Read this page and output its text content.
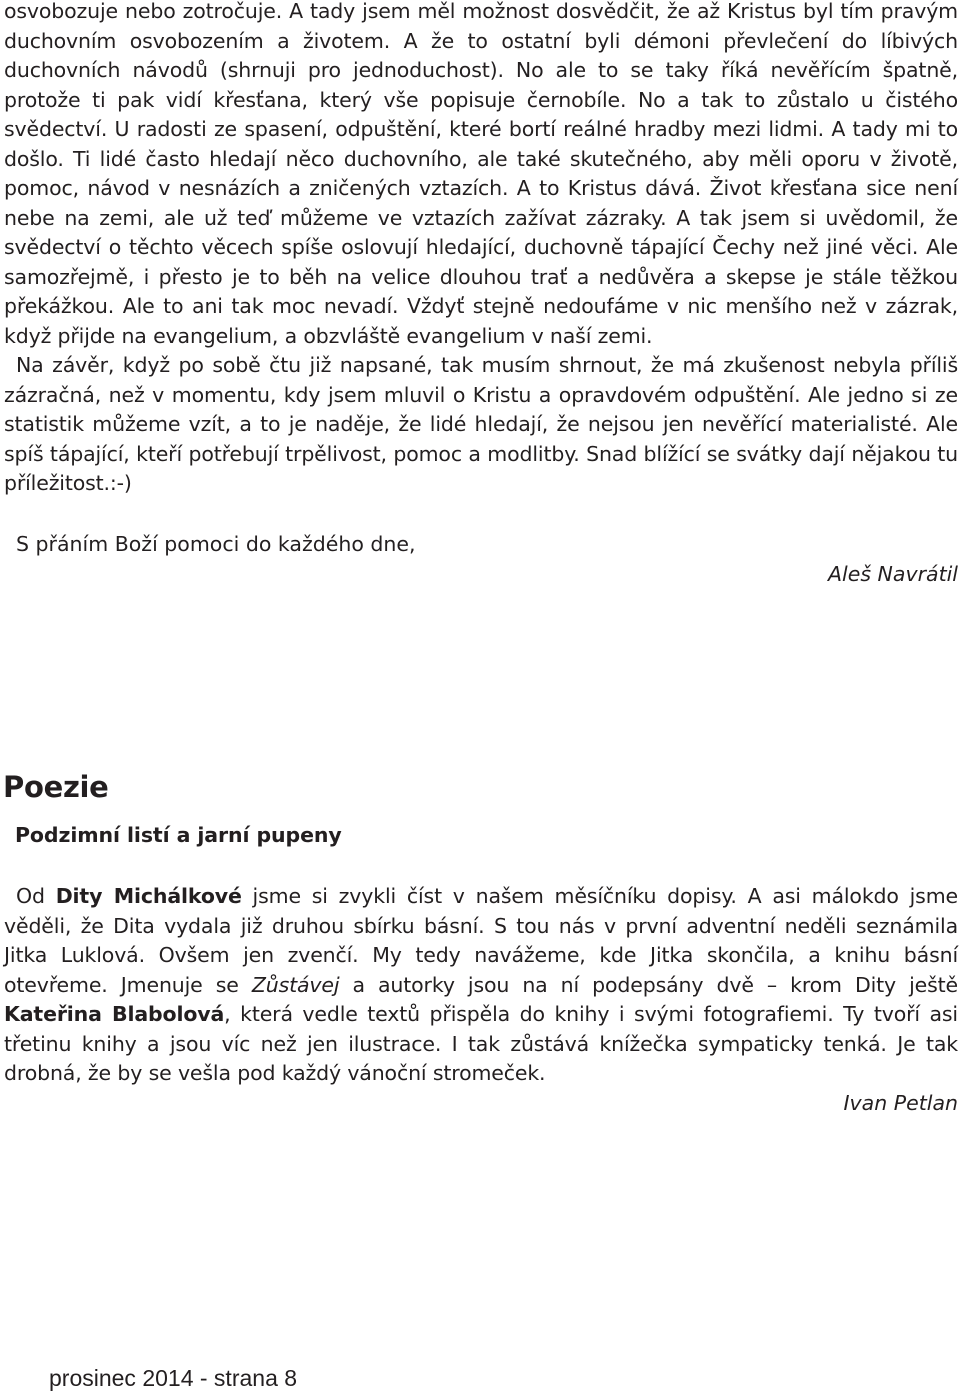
osvobozuje nebo zotročuje. A tady jsem měl možnost dosvědčit, že až Kristus byl tím pravým duchovním osvobozením a životem. A že to ostatní byli démoni převlečení do líbivých duchovních návodů (shrnuji pro jednoduchost). No ale to se taky říká nevěřícím špatně, protože ti pak vidí křesťana, který vše popisuje černobíle. No a tak to zůstalo u čistého svědectví. U radosti ze spasení, odpuštění, které bortí reálné hradby mezi lidmi. A tady mi to došlo. Ti lidé často hledají něco duchovního, ale také skutečného, aby měli oporu v životě, pomoc, návod v nesnázích a zničených vztazích. A to Kristus dává. Život křesťana sice není nebe na zemi, ale už teď můžeme ve vztazích zažívat zázraky. A tak jsem si uvědomil, že svědectví o těchto věcech spíše oslovují hledající, duchovně tápající Čechy než jiné věci. Ale samozřejmě, i přesto je to běh na velice dlouhou trať a nedůvěra a skepse je stále těžkou překážkou. Ale to ani tak moc nevadí. Vždyť stejně nedoufáme v nic menšího než v zázrak, když přijde na evangelium, a obzvláště evangelium v naší zemi.

Na závěr, když po sobě čtu již napsané, tak musím shrnout, že má zkušenost nebyla příliš zázračná, než v momentu, kdy jsem mluvil o Kristu a opravdovém odpuštění. Ale jedno si ze statistik můžeme vzít, a to je naděje, že lidé hledají, že nejsou jen nevěřící materialisté. Ale spíš tápající, kteří potřebují trpělivost, pomoc a modlitby. Snad blížící se svátky dají nějakou tu příležitost.:-)

S přáním Boží pomoci do každého dne,

Aleš Navrátil

Poezie
Podzimní listí a jarní pupeny

Od Dity Michálkové jsme si zvykli číst v našem měsíčníku dopisy. A asi málokdo jsme věděli, že Dita vydala již druhou sbírku básní. S tou nás v první adventní neděli seznámila Jitka Luklová. Ovšem jen zvenčí. My tedy navážeme, kde Jitka skončila, a knihu básní otevřeme. Jmenuje se Zůstávej a autorky jsou na ní podepsány dvě – krom Dity ještě Kateřina Blabolová, která vedle textů přispěla do knihy i svými fotografiemi. Ty tvoří asi třetinu knihy a jsou víc než jen ilustrace. I tak zůstává knížečka sympaticky tenká. Je tak drobná, že by se vešla pod každý vánoční stromeček.

Ivan Petlan

prosinec 2014 - strana 8
